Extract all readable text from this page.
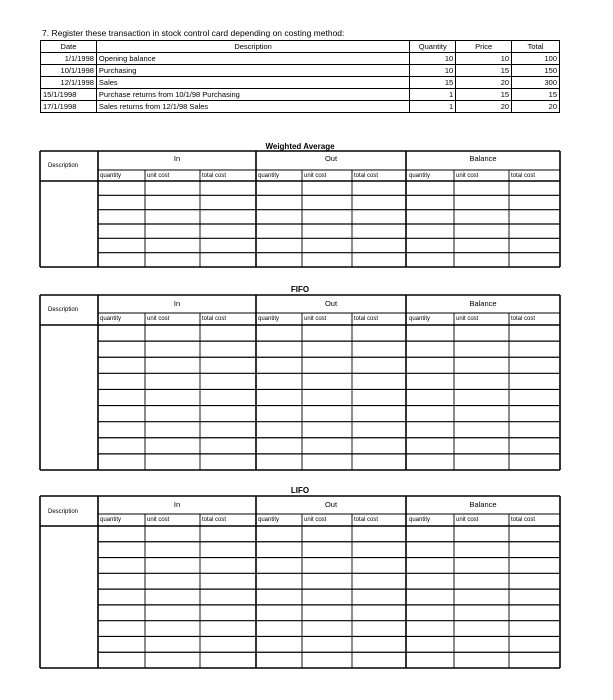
7. Register these transaction in stock control card depending on costing method:
Date	Description	Quantity	Price	Total
1/1/1998	Opening balance	10	10	100
10/1/1998	Purchasing	10	15	150
12/1/1998	Sales	15	20	300
15/1/1998	Purchase returns from 10/1/98 Purchasing	1	15	15
17/1/1998	Sales returns from 12/1/98 Sales	1	20	20
Weighted Average
Description
In	Out	Balance
quantity	unit cost	total cost	quantity	unit cost	total cost	quantity	unit cost	total cost
FIFO
Description
In	Out	Balance
quantity	unit cost	total cost	quantity	unit cost	total cost	quantity	unit cost	total cost
LIFO
Description
In	Out	Balance
quantity	unit cost	total cost	quantity	unit cost	total cost	quantity	unit cost	total cost
